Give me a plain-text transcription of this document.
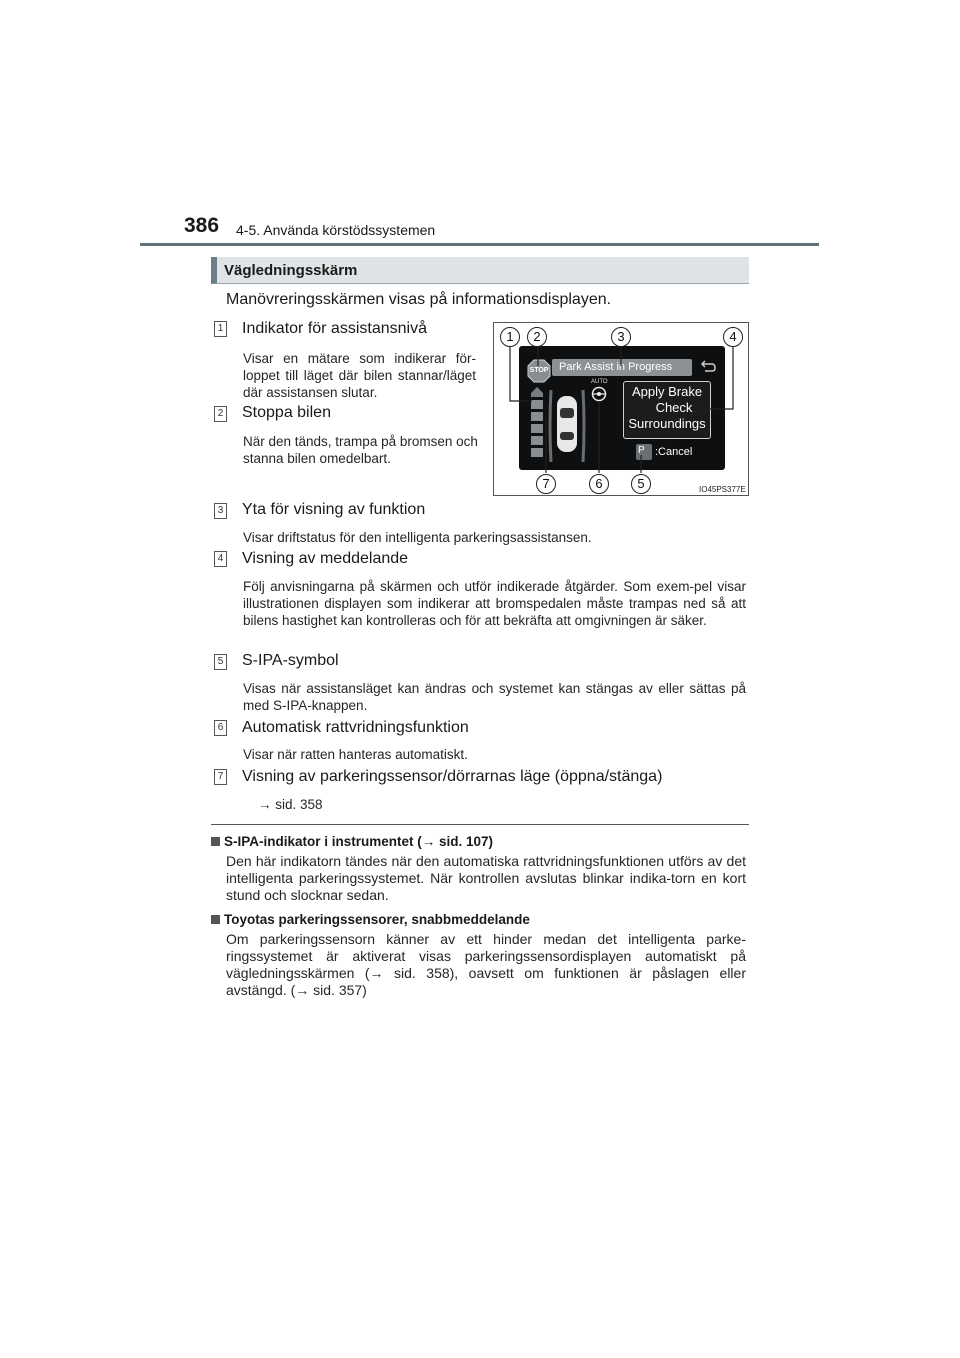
386 4-5. Använda körstödssystemen
Vägledningsskärm
Manövreringsskärmen visas på informationsdisplayen.
1 Indikator för assistansnivå
Visar en mätare som indikerar för-loppet till läget där bilen stannar/läget där assistansen slutar.
2 Stoppa bilen
När den tänds, trampa på bromsen och stanna bilen omedelbart.
STOP Park Assist in Progress
AUTO
Apply Brake
Check
Surroundings
P :Cancel
1	2	3	4
7	6	5	IO45PS377E
3 Yta för visning av funktion
Visar driftstatus för den intelligenta parkeringsassistansen.
4 Visning av meddelande
Följ anvisningarna på skärmen och utför indikerade åtgärder. Som exem-pel visar illustrationen displayen som indikerar att bromspedalen måste trampas ned så att bilens hastighet kan kontrolleras och för att bekräfta att omgivningen är säker.
5 S-IPA-symbol
Visas när assistansläget kan ändras och systemet kan stängas av eller sättas på med S-IPA-knappen.
6 Automatisk rattvridningsfunktion
Visar när ratten hanteras automatiskt.
7 Visning av parkeringssensor/dörrarnas läge (öppna/stänga)
→ sid. 358
S-IPA-indikator i instrumentet (→ sid. 107)
Den här indikatorn tändes när den automatiska rattvridningsfunktionen utförs av det intelligenta parkeringssystemet. När kontrollen avslutas blinkar indika-torn en kort stund och slocknar sedan.
Toyotas parkeringssensorer, snabbmeddelande
Om parkeringssensorn känner av ett hinder medan det intelligenta parke-ringssystemet är aktiverat visas parkeringssensordisplayen automatiskt på vägledningsskärmen (→ sid. 358), oavsett om funktionen är påslagen eller avstängd. (→ sid. 357)
